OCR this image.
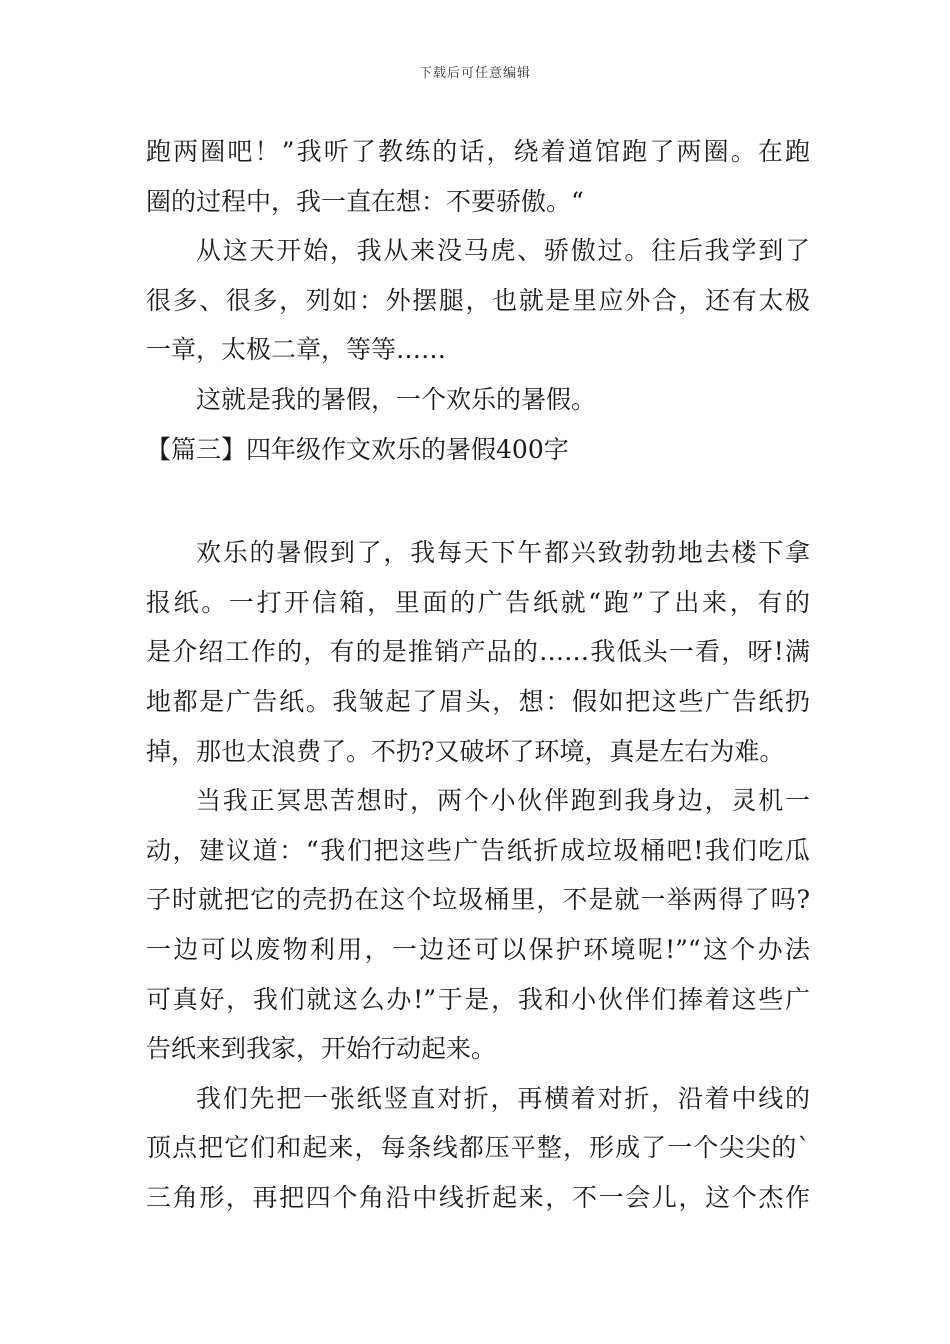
下载后可任意编辑
跑两圈吧！”我听了教练的话，绕着道馆跑了两圈。在跑
圈的过程中，我一直在想：不要骄傲。“
从这天开始，我从来没马虎、骄傲过。往后我学到了
很多、很多，列如：外摆腿，也就是里应外合，还有太极
一章，太极二章，等等……
这就是我的暑假，一个欢乐的暑假。
【篇三】四年级作文欢乐的暑假400字
欢乐的暑假到了，我每天下午都兴致勃勃地去楼下拿
报纸。一打开信箱，里面的广告纸就“跑”了出来，有的
是介绍工作的，有的是推销产品的……我低头一看，呀!满
地都是广告纸。我皱起了眉头，想：假如把这些广告纸扔
掉，那也太浪费了。不扔?又破坏了环境，真是左右为难。
当我正冥思苦想时，两个小伙伴跑到我身边，灵机一
动，建议道：“我们把这些广告纸折成垃圾桶吧!我们吃瓜
子时就把它的壳扔在这个垃圾桶里，不是就一举两得了吗?
一边可以废物利用，一边还可以保护环境呢!”“这个办法
可真好，我们就这么办!”于是，我和小伙伴们捧着这些广
告纸来到我家，开始行动起来。
我们先把一张纸竖直对折，再横着对折，沿着中线的
顶点把它们和起来，每条线都压平整，形成了一个尖尖的`
三角形，再把四个角沿中线折起来，不一会儿，这个杰作
